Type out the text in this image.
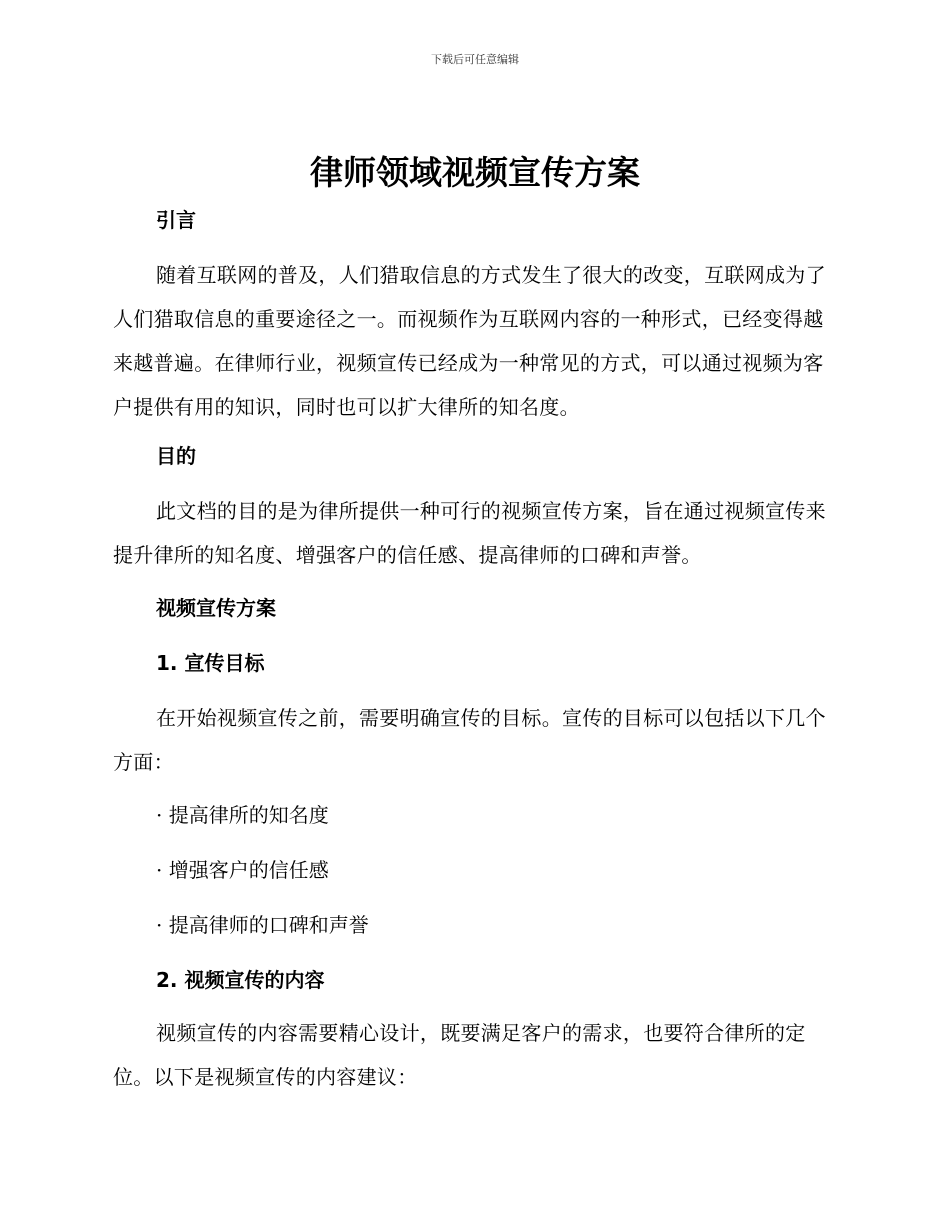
下载后可任意编辑
律师领域视频宣传方案
引言

随着互联网的普及，人们猎取信息的方式发生了很大的改变，互联网成为了人们猎取信息的重要途径之一。而视频作为互联网内容的一种形式，已经变得越来越普遍。在律师行业，视频宣传已经成为一种常见的方式，可以通过视频为客户提供有用的知识，同时也可以扩大律所的知名度。

目的

此文档的目的是为律所提供一种可行的视频宣传方案，旨在通过视频宣传来提升律所的知名度、增强客户的信任感、提高律师的口碑和声誉。

视频宣传方案
1. 宣传目标

在开始视频宣传之前，需要明确宣传的目标。宣传的目标可以包括以下几个方面：

· 提高律所的知名度
· 增强客户的信任感
· 提高律师的口碑和声誉
2. 视频宣传的内容

视频宣传的内容需要精心设计，既要满足客户的需求，也要符合律所的定位。以下是视频宣传的内容建议：
